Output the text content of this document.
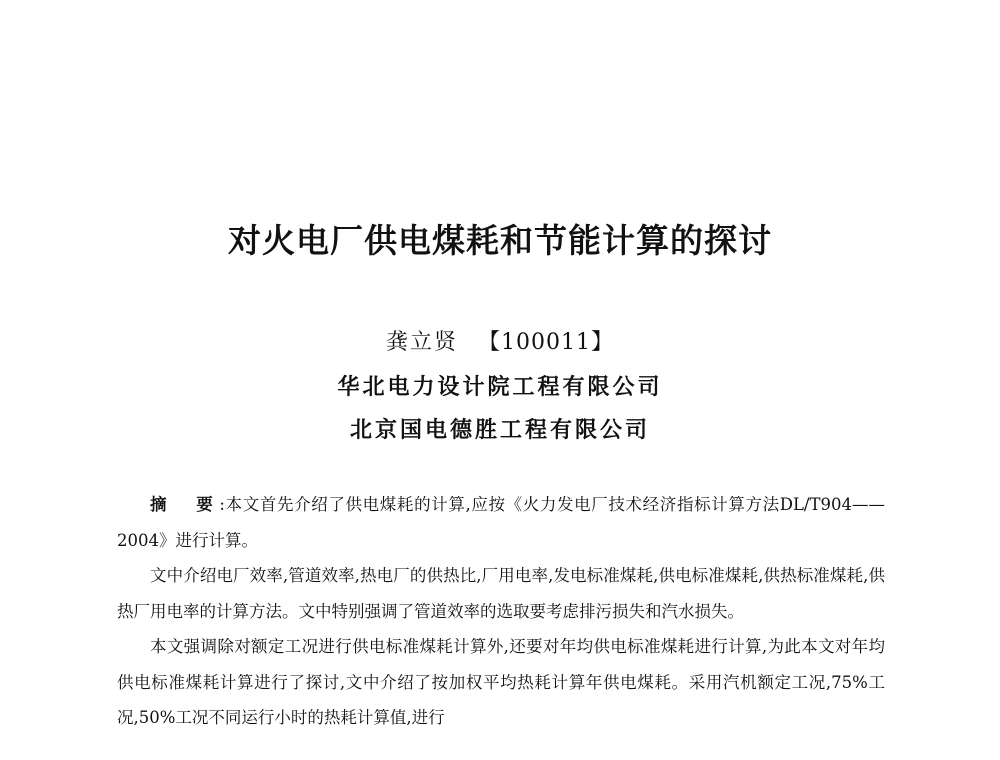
对火电厂供电煤耗和节能计算的探讨
龚立贤 【100011】
华北电力设计院工程有限公司
北京国电德胜工程有限公司

摘　要:本文首先介绍了供电煤耗的计算,应按《火力发电厂技术经济指标计算方法DL/T904——2004》进行计算。

文中介绍电厂效率,管道效率,热电厂的供热比,厂用电率,发电标准煤耗,供电标准煤耗,供热标准煤耗,供热厂用电率的计算方法。文中特别强调了管道效率的选取要考虑排污损失和汽水损失。

本文强调除对额定工况进行供电标准煤耗计算外,还要对年均供电标准煤耗进行计算,为此本文对年均供电标准煤耗计算进行了探讨,文中介绍了按加权平均热耗计算年供电煤耗。采用汽机额定工况,75%工况,50%工况不同运行小时的热耗计算值,进行
